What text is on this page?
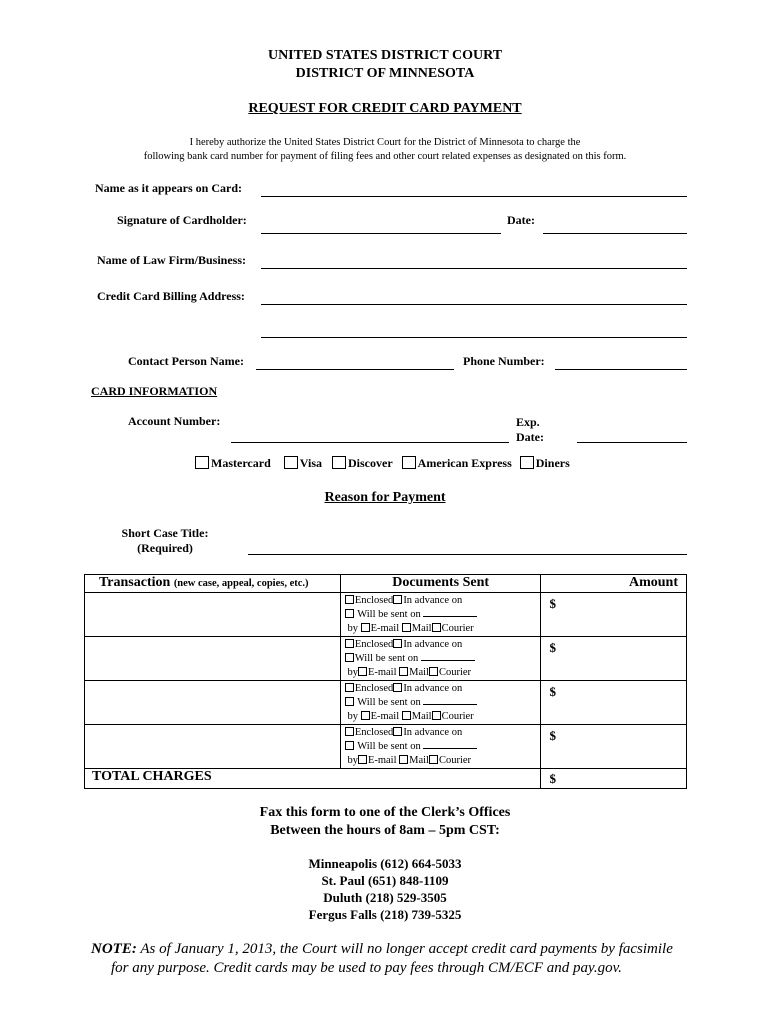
UNITED STATES DISTRICT COURT
DISTRICT OF MINNESOTA
REQUEST FOR CREDIT CARD PAYMENT
I hereby authorize the United States District Court for the District of Minnesota to charge the
following bank card number for payment of filing fees and other court related expenses as designated on this form.
Name as it appears on Card:
Signature of Cardholder:	Date:
Name of Law Firm/Business:
Credit Card Billing Address:
Contact Person Name:	Phone Number:
CARD INFORMATION
Account Number:	Exp.
Date:
Mastercard Visa Discover American Express Diners
Reason for Payment
Short Case Title:
(Required)
Transaction (new case, appeal, copies, etc.)	Documents Sent	Amount

	Enclosed In advance on
Will be sent on
by E-mail Mail Courier	$

	Enclosed In advance on
Will be sent on
by E-mail Mail Courier	$

	Enclosed In advance on
Will be sent on
by E-mail Mail Courier	$

	Enclosed In advance on
Will be sent on
by E-mail Mail Courier	$
TOTAL CHARGES		$
Fax this form to one of the Clerk’s Offices
Between the hours of 8am – 5pm CST:
Minneapolis (612) 664-5033
St. Paul (651) 848-1109
Duluth (218) 529-3505
Fergus Falls (218) 739-5325
NOTE: As of January 1, 2013, the Court will no longer accept credit card payments by facsimile
for any purpose. Credit cards may be used to pay fees through CM/ECF and pay.gov.
